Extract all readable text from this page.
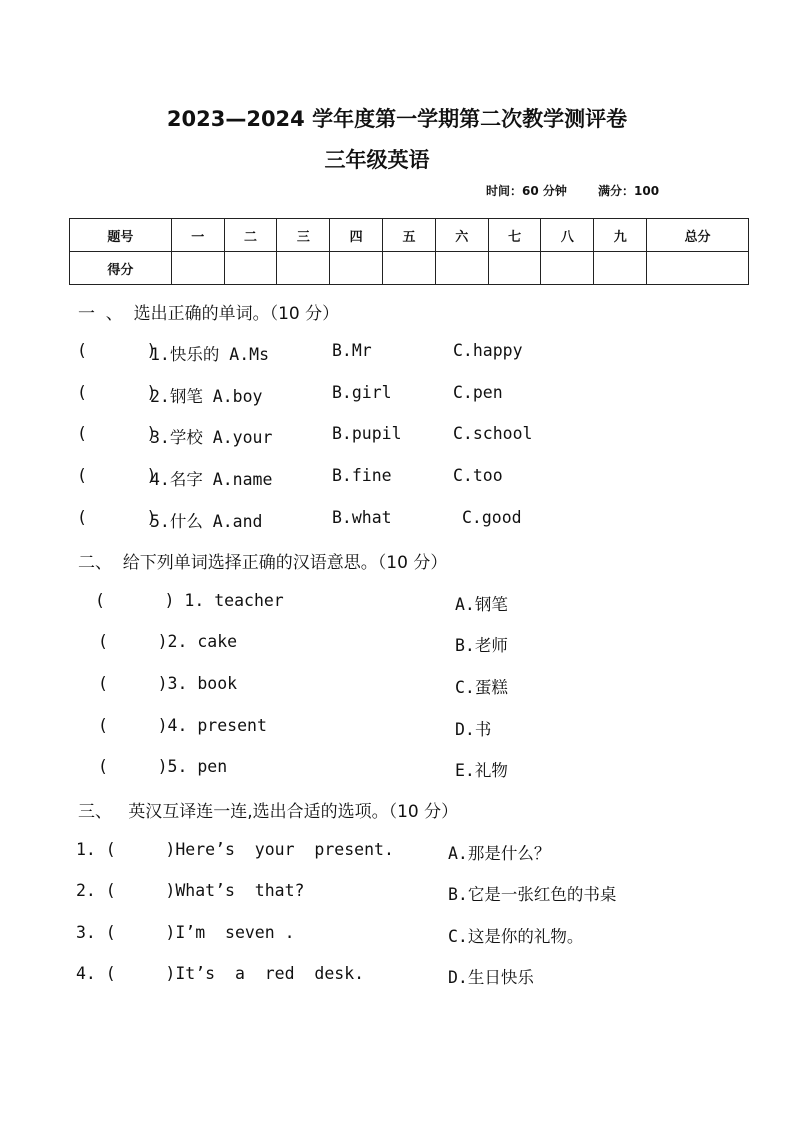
2023—2024 学年度第一学期第二次教学测评卷
三年级英语
时间：60 分钟	满分：100
题号	一	二	三	四	五	六	七	八	九	总分
得分										
一  、  选出正确的单词。（10 分）
(      )
1.快乐的 A.Ms	B.Mr	C.happy
(      )
2.钢笔 A.boy	B.girl	C.pen
(      )
3.学校 A.your	B.pupil	C.school
(      )
4.名字 A.name	B.fine	C.too
(      )
5.什么 A.and	B.what	C.good
二、  给下列单词选择正确的汉语意思。（10 分）
(      ) 1. teacher	A.钢笔
(     )2. cake	B.老师
(     )3. book	C.蛋糕
(     )4. present	D.书
(     )5. pen	E.礼物
三、   英汉互译连一连,选出合适的选项。（10 分）
1. (     )Here’s  your  present.	A.那是什么？
2. (     )What’s  that?	B.它是一张红色的书桌
3. (     )I’m  seven .	C.这是你的礼物。
4. (     )It’s  a  red  desk.	D.生日快乐
